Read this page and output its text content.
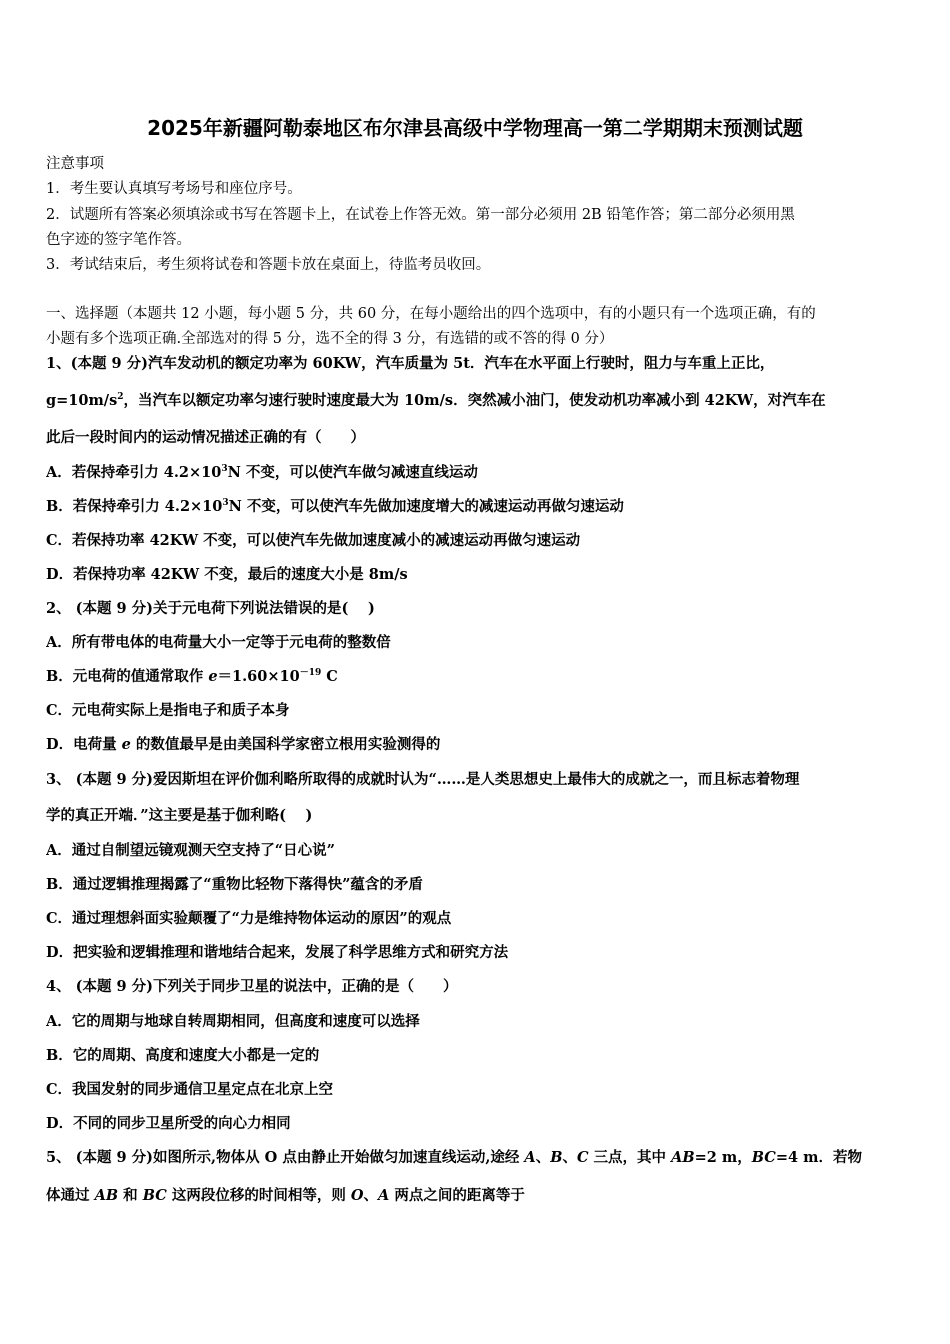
2025年新疆阿勒泰地区布尔津县高级中学物理高一第二学期期末预测试题
注意事项
1．考生要认真填写考场号和座位序号。
2．试题所有答案必须填涂或书写在答题卡上，在试卷上作答无效。第一部分必须用 2B 铅笔作答；第二部分必须用黑
色字迹的签字笔作答。
3．考试结束后，考生须将试卷和答题卡放在桌面上，待监考员收回。
一、选择题（本题共 12 小题，每小题 5 分，共 60 分，在每小题给出的四个选项中，有的小题只有一个选项正确，有的
小题有多个选项正确.全部选对的得 5 分，选不全的得 3 分，有选错的或不答的得 0 分）
1、(本题 9 分)汽车发动机的额定功率为 60KW，汽车质量为 5t．汽车在水平面上行驶时，阻力与车重上正比，
$g=10m/s^2$，当汽车以额定功率匀速行驶时速度最大为 10m/s．突然减小油门，使发动机功率减小到 42KW，对汽车在
此后一段时间内的运动情况描述正确的有（　　）
A．若保持牵引力 $4.2\times 10^3N$ 不变，可以使汽车做匀减速直线运动
B．若保持牵引力 $4.2\times 10^3N$ 不变，可以使汽车先做加速度增大的减速运动再做匀速运动
C．若保持功率 42KW 不变，可以使汽车先做加速度减小的减速运动再做匀速运动
D．若保持功率 42KW 不变，最后的速度大小是 8m/s
2、 (本题 9 分)关于元电荷下列说法错误的是(　 )
A．所有带电体的电荷量大小一定等于元电荷的整数倍
B．元电荷的值通常取作 $e=1.60\times 10^{-19}$ C
C．元电荷实际上是指电子和质子本身
D．电荷量 e 的数值最早是由美国科学家密立根用实验测得的
3、 (本题 9 分)爱因斯坦在评价伽利略所取得的成就时认为“……是人类思想史上最伟大的成就之一，而且标志着物理
学的真正开端．”这主要是基于伽利略(　 )
A．通过自制望远镜观测天空支持了“日心说”
B．通过逻辑推理揭露了“重物比轻物下落得快”蕴含的矛盾
C．通过理想斜面实验颠覆了“力是维持物体运动的原因”的观点
D．把实验和逻辑推理和谐地结合起来，发展了科学思维方式和研究方法
4、 (本题 9 分)下列关于同步卫星的说法中，正确的是（　　）
A．它的周期与地球自转周期相同，但高度和速度可以选择
B．它的周期、高度和速度大小都是一定的
C．我国发射的同步通信卫星定点在北京上空
D．不同的同步卫星所受的向心力相同
5、 (本题 9 分)如图所示,物体从 O 点由静止开始做匀加速直线运动,途经 A、B、C 三点，其中 AB=2 m，BC=4 m．若物
体通过 AB 和 BC 这两段位移的时间相等，则 O、A 两点之间的距离等于
